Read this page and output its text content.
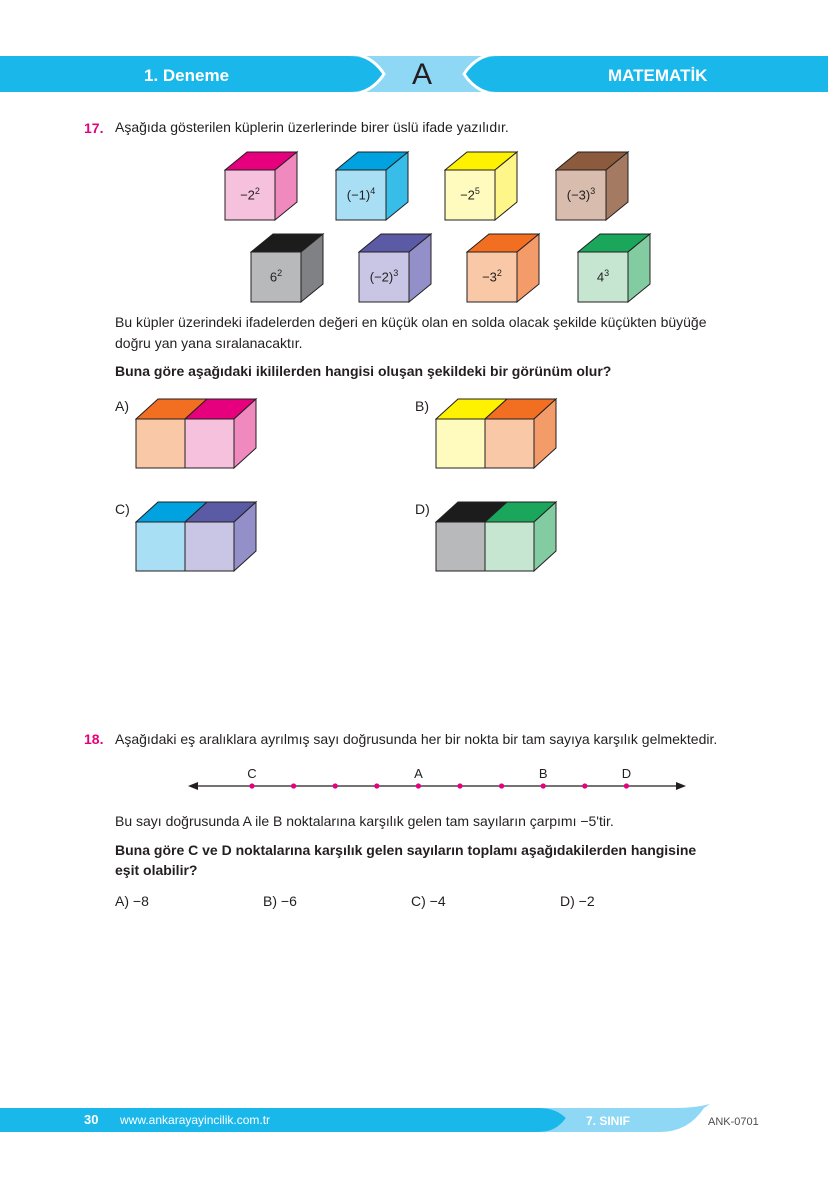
1. Deneme	A	MATEMATİK
17. Aşağıda gösterilen küplerin üzerlerinde birer üslü ifade yazılıdır.
$-2^2$	$(-1)^4$	$-2^5$	$(-3)^3$
$6^2$	$(-2)^3$	$-3^2$	$4^3$
Bu küpler üzerindeki ifadelerden değeri en küçük olan en solda olacak şekilde küçükten büyüğe
doğru yan yana sıralanacaktır.
Buna göre aşağıdaki ikililerden hangisi oluşan şekildeki bir görünüm olur?
A)	B)
C)	D)
18. Aşağıdaki eş aralıklara ayrılmış sayı doğrusunda her bir nokta bir tam sayıya karşılık gelmektedir.
C	A	B	D
Bu sayı doğrusunda A ile B noktalarına karşılık gelen tam sayıların çarpımı −5'tir.
Buna göre C ve D noktalarına karşılık gelen sayıların toplamı aşağıdakilerden hangisine
eşit olabilir?
A) −8	B) −6	C) −4	D) −2
30 www.ankarayayincilik.com.tr	7. SINIF	ANK-0701
